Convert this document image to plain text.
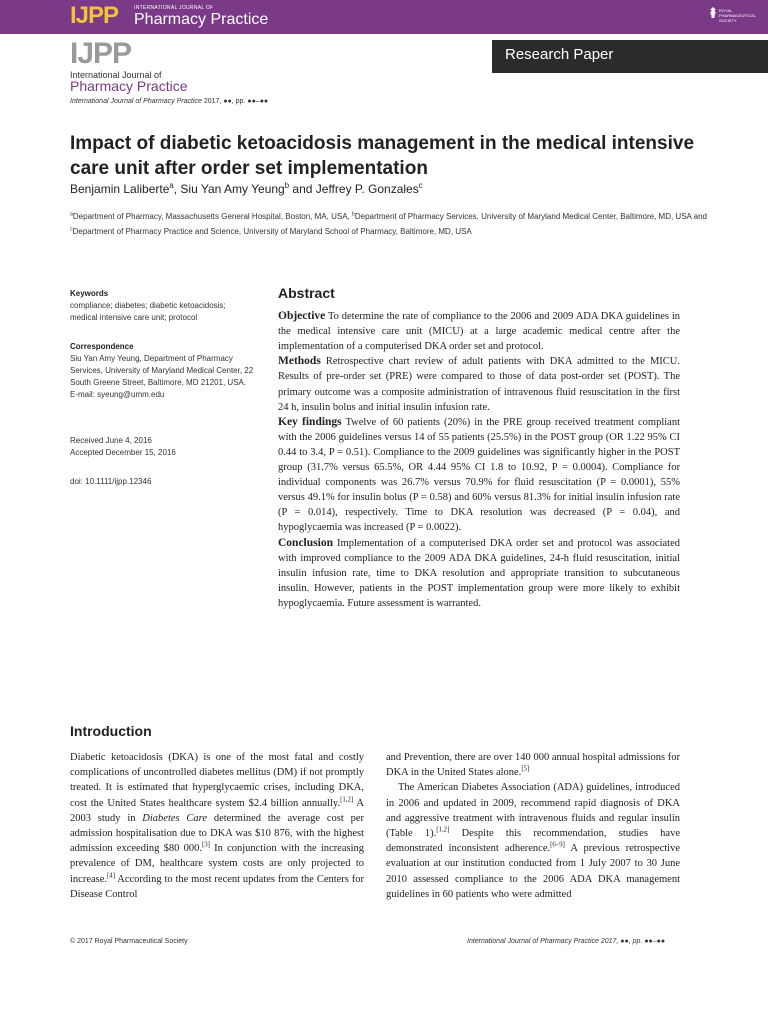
IJPP	INTERNATIONAL JOURNAL OF
Pharmacy Practice
ROYAL PHARMACEUTICAL SOCIETY
IJPP
International Journal of
Pharmacy Practice
International Journal of Pharmacy Practice 2017, ●●, pp. ●●–●●
Research Paper
Impact of diabetic ketoacidosis management in the medical intensive care unit after order set implementation
Benjamin Laliberte$^a$, Siu Yan Amy Yeung$^b$ and Jeffrey P. Gonzales$^c$
$^a$Department of Pharmacy, Massachusetts General Hospital, Boston, MA, USA, $^b$Department of Pharmacy Services, University of Maryland Medical Center, Baltimore, MD, USA and $^c$Department of Pharmacy Practice and Science, University of Maryland School of Pharmacy, Baltimore, MD, USA
Keywords
compliance; diabetes; diabetic ketoacidosis; medical intensive care unit; protocol
Correspondence
Siu Yan Amy Yeung, Department of Pharmacy Services, University of Maryland Medical Center, 22 South Greene Street, Baltimore, MD 21201, USA.
E-mail: syeung@umm.edu
Received June 4, 2016
Accepted December 15, 2016
doi: 10.1111/ijpp.12346
Abstract

Objective To determine the rate of compliance to the 2006 and 2009 ADA DKA guidelines in the medical intensive care unit (MICU) at a large academic medical centre after the implementation of a computerised DKA order set and protocol.

Methods Retrospective chart review of adult patients with DKA admitted to the MICU. Results of pre-order set (PRE) were compared to those of data post-order set (POST). The primary outcome was a composite administration of intravenous fluid resuscitation in the first 24 h, insulin bolus and initial insulin infusion rate.

Key findings Twelve of 60 patients (20%) in the PRE group received treatment compliant with the 2006 guidelines versus 14 of 55 patients (25.5%) in the POST group (OR 1.22 95% CI 0.44 to 3.4, P = 0.51). Compliance to the 2009 guidelines was significantly higher in the POST group (31.7% versus 65.5%, OR 4.44 95% CI 1.8 to 10.92, P = 0.0004). Compliance for individual components was 26.7% versus 70.9% for fluid resuscitation (P = 0.0001), 55% versus 49.1% for insulin bolus (P = 0.58) and 60% versus 81.3% for initial insulin infusion rate (P = 0.014), respectively. Time to DKA resolution was decreased (P = 0.04), and hypoglycaemia was increased (P = 0.0022).

Conclusion Implementation of a computerised DKA order set and protocol was associated with improved compliance to the 2009 ADA DKA guidelines, 24-h fluid resuscitation, initial insulin infusion rate, time to DKA resolution and appropriate transition to subcutaneous insulin. However, patients in the POST implementation group were more likely to exhibit hypoglycaemia. Future assessment is warranted.

Introduction

Diabetic ketoacidosis (DKA) is one of the most fatal and costly complications of uncontrolled diabetes mellitus (DM) if not promptly treated. It is estimated that hyperglycaemic crises, including DKA, cost the United States healthcare system $2.4 billion annually.[1,2] A 2003 study in Diabetes Care determined the average cost per admission hospitalisation due to DKA was $10 876, with the highest admission exceeding $80 000.[3] In conjunction with the increasing prevalence of DM, healthcare system costs are only projected to increase.[4] According to the most recent updates from the Centers for Disease Control

and Prevention, there are over 140 000 annual hospital admissions for DKA in the United States alone.[5]

The American Diabetes Association (ADA) guidelines, introduced in 2006 and updated in 2009, recommend rapid diagnosis of DKA and aggressive treatment with intravenous fluids and regular insulin (Table 1).[1,2] Despite this recommendation, studies have demonstrated inconsistent adherence.[6–9] A previous retrospective evaluation at our institution conducted from 1 July 2007 to 30 June 2010 assessed compliance to the 2006 ADA DKA management guidelines in 60 patients who were admitted

© 2017 Royal Pharmaceutical Society	International Journal of Pharmacy Practice 2017, ●●, pp. ●●–●●
